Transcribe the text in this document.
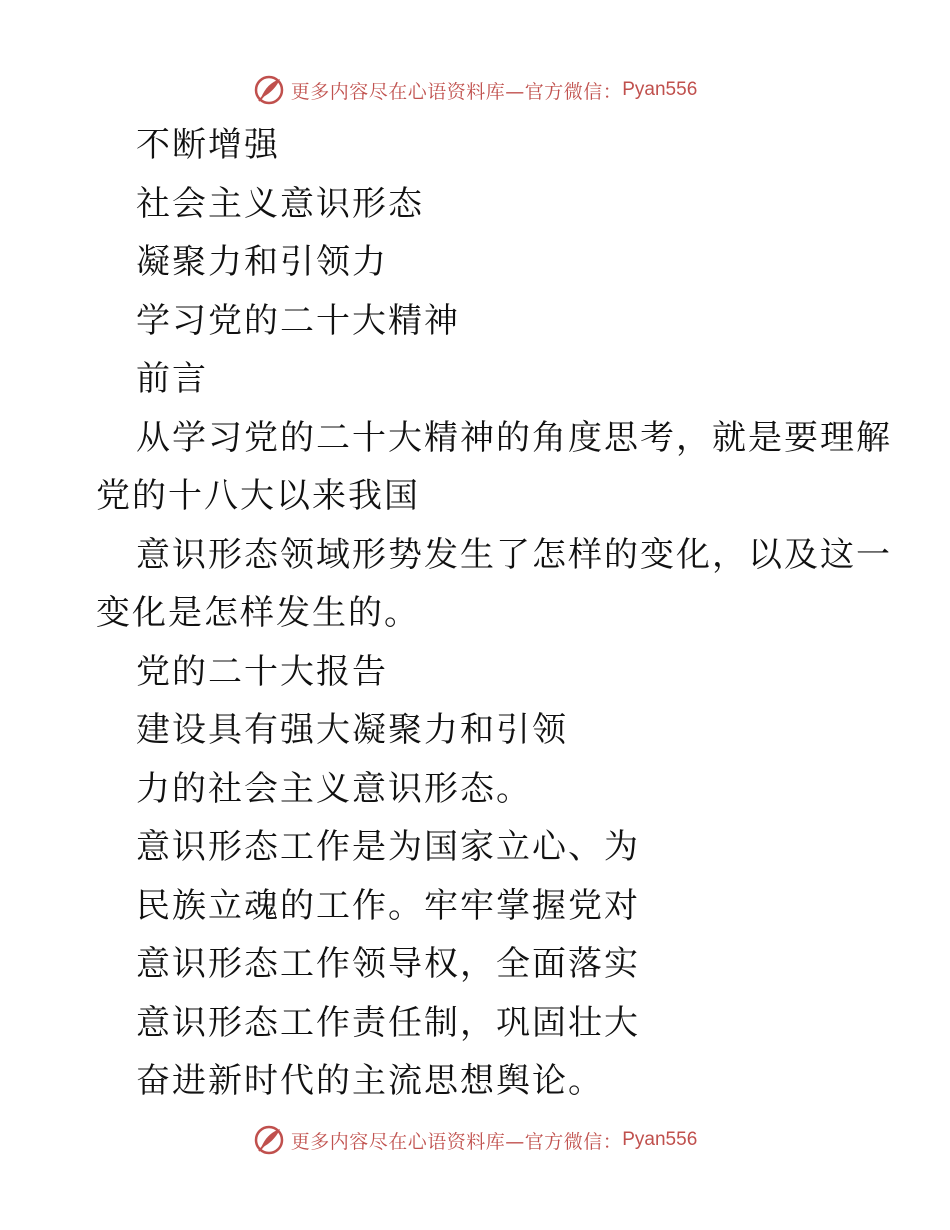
更多内容尽在心语资料库—官方微信： Pyan556
不断增强
社会主义意识形态
凝聚力和引领力
学习党的二十大精神
前言
从学习党的二十大精神的角度思考，就是要理解
党的十八大以来我国
意识形态领域形势发生了怎样的变化，以及这一
变化是怎样发生的。
党的二十大报告
建设具有强大凝聚力和引领
力的社会主义意识形态。
意识形态工作是为国家立心、为
民族立魂的工作。牢牢掌握党对
意识形态工作领导权，全面落实
意识形态工作责任制，巩固壮大
奋进新时代的主流思想舆论。
更多内容尽在心语资料库—官方微信： Pyan556
